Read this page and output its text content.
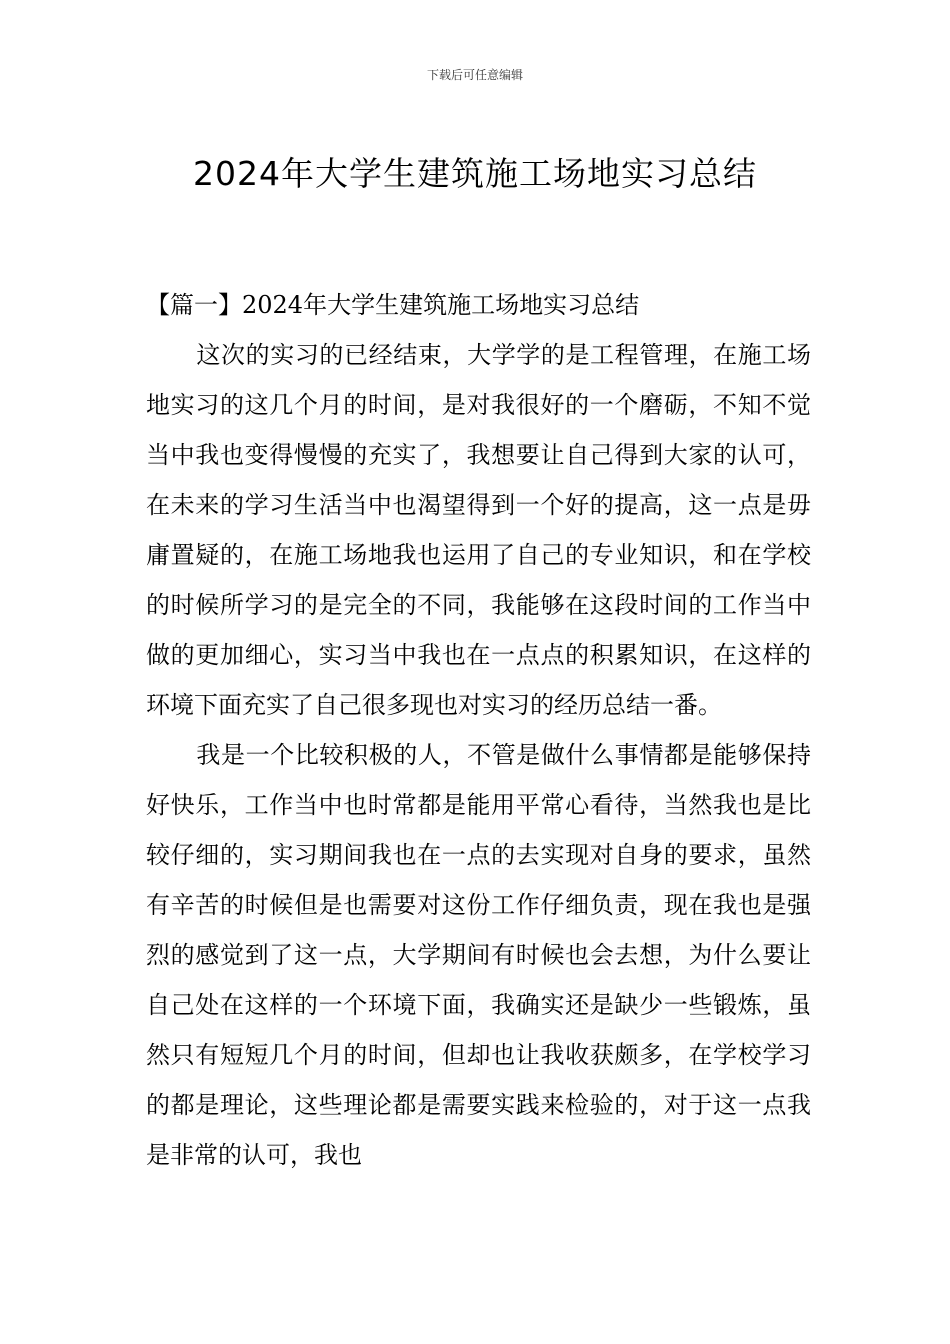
下载后可任意编辑
2024年大学生建筑施工场地实习总结

【篇一】2024年大学生建筑施工场地实习总结

这次的实习的已经结束，大学学的是工程管理，在施工场地实习的这几个月的时间，是对我很好的一个磨砺，不知不觉当中我也变得慢慢的充实了，我想要让自己得到大家的认可，在未来的学习生活当中也渴望得到一个好的提高，这一点是毋庸置疑的，在施工场地我也运用了自己的专业知识，和在学校的时候所学习的是完全的不同，我能够在这段时间的工作当中做的更加细心，实习当中我也在一点点的积累知识，在这样的环境下面充实了自己很多现也对实习的经历总结一番。

我是一个比较积极的人，不管是做什么事情都是能够保持好快乐，工作当中也时常都是能用平常心看待，当然我也是比较仔细的，实习期间我也在一点的去实现对自身的要求，虽然有辛苦的时候但是也需要对这份工作仔细负责，现在我也是强烈的感觉到了这一点，大学期间有时候也会去想，为什么要让自己处在这样的一个环境下面，我确实还是缺少一些锻炼，虽然只有短短几个月的时间，但却也让我收获颇多，在学校学习的都是理论，这些理论都是需要实践来检验的，对于这一点我是非常的认可，我也
